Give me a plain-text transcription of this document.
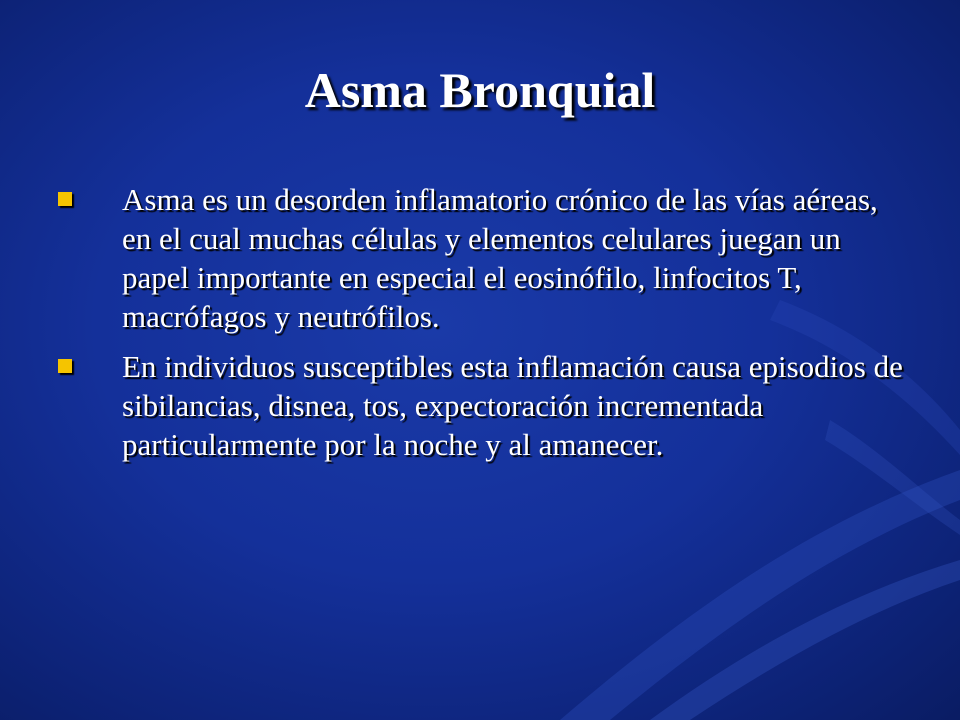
Asma Bronquial
Asma es un desorden inflamatorio crónico de las vías aéreas, en el cual muchas células y elementos celulares juegan un papel importante en especial el eosinófilo, linfocitos T, macrófagos y neutrófilos.
En individuos susceptibles esta inflamación causa episodios de sibilancias, disnea, tos, expectoración incrementada particularmente por la noche y al amanecer.
